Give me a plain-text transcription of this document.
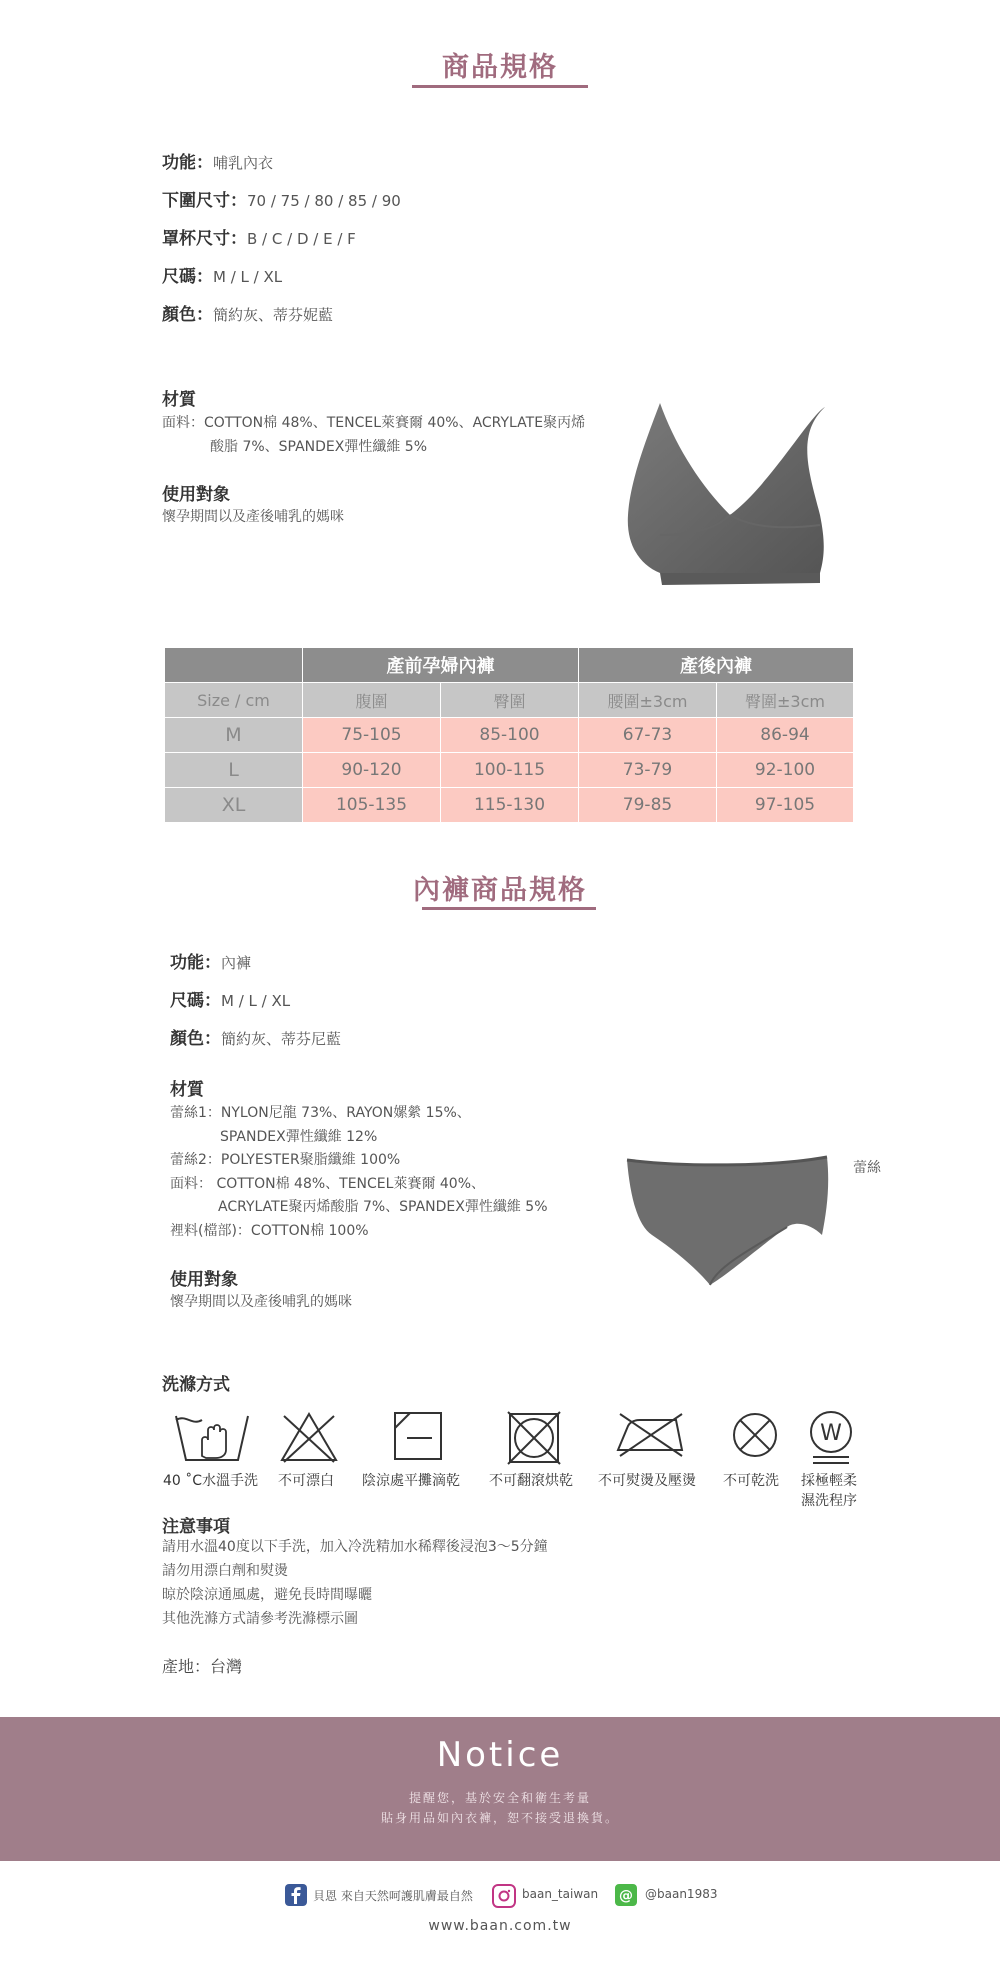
商品規格
功能：哺乳內衣
下圍尺寸：70 / 75 / 80 / 85 / 90
罩杯尺寸：B / C / D / E / F
尺碼：M / L / XL
顏色：簡約灰、蒂芬妮藍
材質
面料：COTTON棉 48%、TENCEL萊賽爾 40%、ACRYLATE聚丙烯
酸脂 7%、SPANDEX彈性纖維 5%
使用對象
懷孕期間以及產後哺乳的媽咪
	產前孕婦內褲		產後內褲	
Size / cm	腹圍	臀圍	腰圍±3cm	臀圍±3cm
M	75-105	85-100	67-73	86-94
L	90-120	100-115	73-79	92-100
XL	105-135	115-130	79-85	97-105
內褲商品規格
功能：內褲
尺碼：M / L / XL
顏色：簡約灰、蒂芬尼藍
材質
蕾絲1：NYLON尼龍 73%、RAYON嫘縈 15%、
SPANDEX彈性纖維 12%
蕾絲2：POLYESTER聚脂纖維 100%
面料： COTTON棉 48%、TENCEL萊賽爾 40%、
ACRYLATE聚丙烯酸脂 7%、SPANDEX彈性纖維 5%
裡料(檔部)：COTTON棉 100%
使用對象
懷孕期間以及產後哺乳的媽咪
蕾絲
洗滌方式
W
40 ˚C水溫手洗 不可漂白 陰涼處平攤滴乾 不可翻滾烘乾 不可熨燙及壓燙 不可乾洗 採極輕柔
濕洗程序
注意事項
請用水溫40度以下手洗，加入冷洗精加水稀釋後浸泡3～5分鐘
請勿用漂白劑和熨燙
晾於陰涼通風處，避免長時間曝曬
其他洗滌方式請參考洗滌標示圖
產地：台灣
Notice
提醒您，基於安全和衛生考量
貼身用品如內衣褲，恕不接受退換貨。
貝恩 來自天然呵護肌膚最自然	baan_taiwan @ @baan1983
www.baan.com.tw
